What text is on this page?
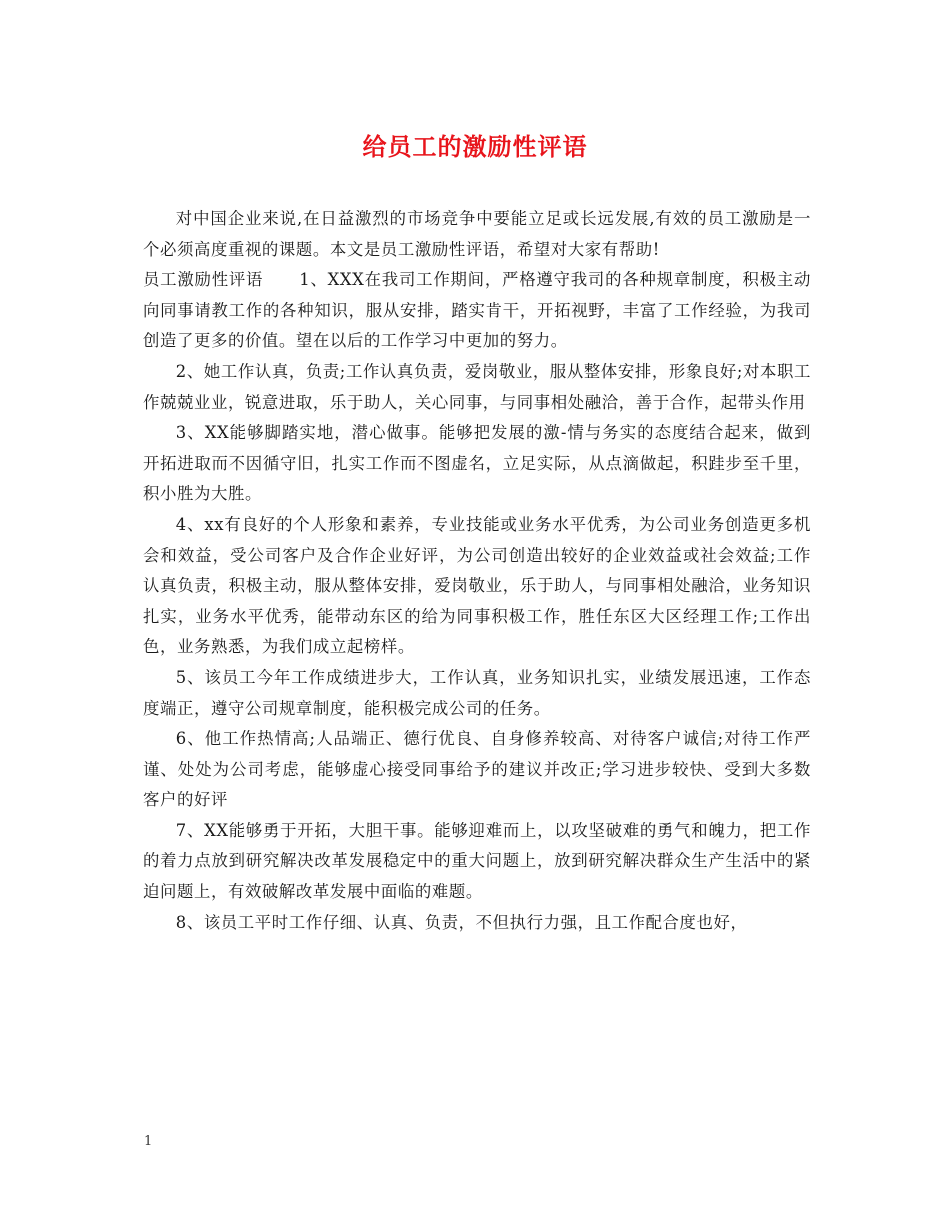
给员工的激励性评语

对中国企业来说,在日益激烈的市场竞争中要能立足或长远发展,有效的员工激励是一个必须高度重视的课题。本文是员工激励性评语，希望对大家有帮助!

员工激励性评语 1、XXX在我司工作期间，严格遵守我司的各种规章制度，积极主动向同事请教工作的各种知识，服从安排，踏实肯干，开拓视野，丰富了工作经验，为我司创造了更多的价值。望在以后的工作学习中更加的努力。

2、她工作认真，负责;工作认真负责，爱岗敬业，服从整体安排，形象良好;对本职工作兢兢业业，锐意进取，乐于助人，关心同事，与同事相处融洽，善于合作，起带头作用

3、XX能够脚踏实地，潜心做事。能够把发展的激-情与务实的态度结合起来，做到开拓进取而不因循守旧，扎实工作而不图虚名，立足实际，从点滴做起，积跬步至千里，积小胜为大胜。

4、xx有良好的个人形象和素养，专业技能或业务水平优秀，为公司业务创造更多机会和效益，受公司客户及合作企业好评，为公司创造出较好的企业效益或社会效益;工作认真负责，积极主动，服从整体安排，爱岗敬业，乐于助人，与同事相处融洽，业务知识扎实，业务水平优秀，能带动东区的给为同事积极工作，胜任东区大区经理工作;工作出色，业务熟悉，为我们成立起榜样。

5、该员工今年工作成绩进步大，工作认真，业务知识扎实，业绩发展迅速，工作态度端正，遵守公司规章制度，能积极完成公司的任务。

6、他工作热情高;人品端正、德行优良、自身修养较高、对待客户诚信;对待工作严谨、处处为公司考虑，能够虚心接受同事给予的建议并改正;学习进步较快、受到大多数客户的好评

7、XX能够勇于开拓，大胆干事。能够迎难而上，以攻坚破难的勇气和魄力，把工作的着力点放到研究解决改革发展稳定中的重大问题上，放到研究解决群众生产生活中的紧迫问题上，有效破解改革发展中面临的难题。

8、该员工平时工作仔细、认真、负责，不但执行力强，且工作配合度也好，

1
